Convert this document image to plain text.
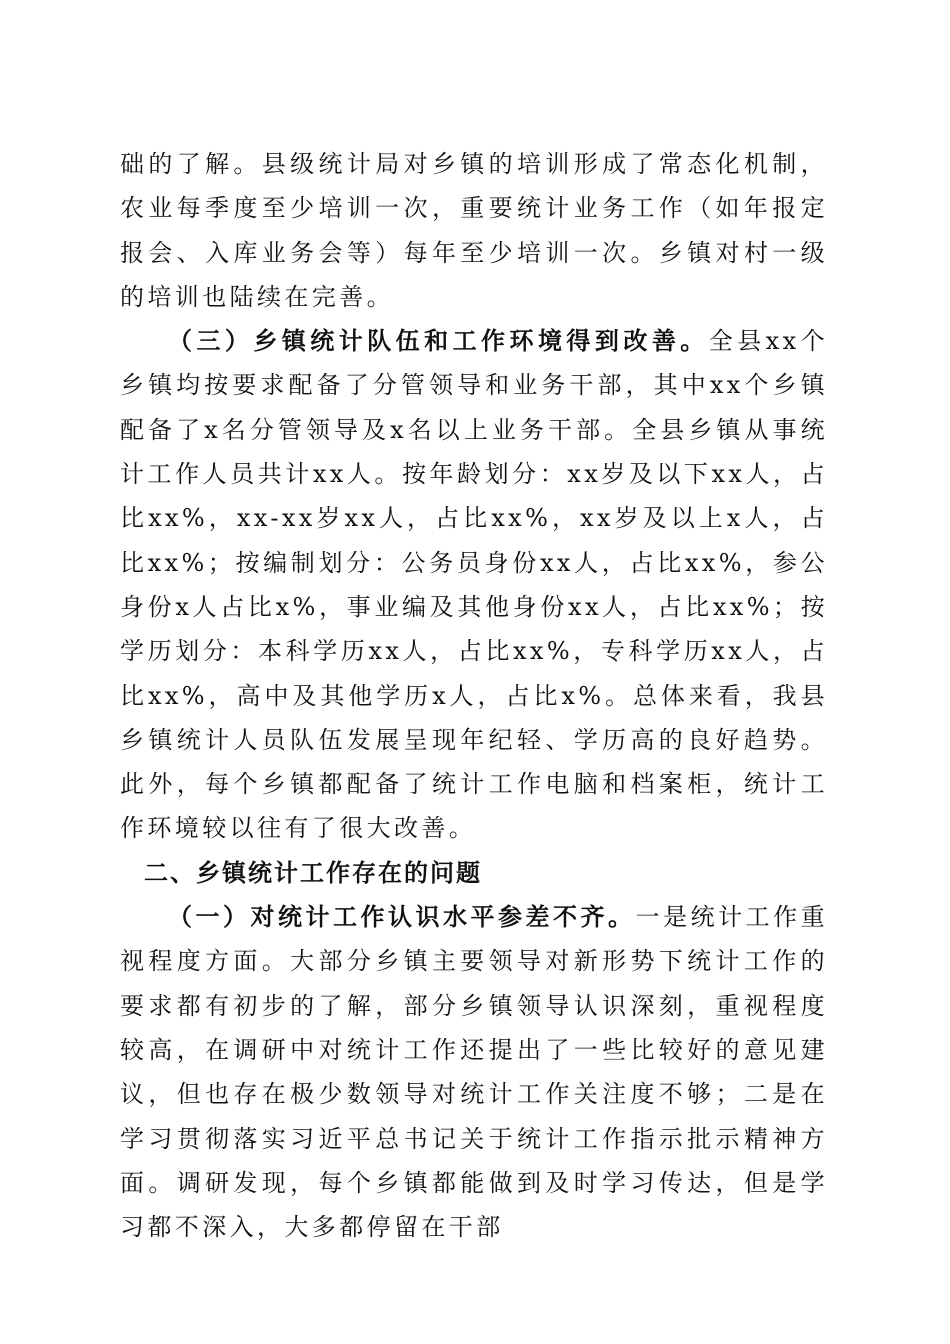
础的了解。县级统计局对乡镇的培训形成了常态化机制，农业每季度至少培训一次，重要统计业务工作（如年报定报会、入库业务会等）每年至少培训一次。乡镇对村一级的培训也陆续在完善。

（三）乡镇统计队伍和工作环境得到改善。全县xx个乡镇均按要求配备了分管领导和业务干部，其中xx个乡镇配备了x名分管领导及x名以上业务干部。全县乡镇从事统计工作人员共计xx人。按年龄划分：xx岁及以下xx人，占比xx%，xx-xx岁xx人，占比xx%，xx岁及以上x人，占比xx%；按编制划分：公务员身份xx人，占比xx%，参公身份x人占比x%，事业编及其他身份xx人，占比xx%；按学历划分：本科学历xx人，占比xx%，专科学历xx人，占比xx%，高中及其他学历x人，占比x%。总体来看，我县乡镇统计人员队伍发展呈现年纪轻、学历高的良好趋势。此外，每个乡镇都配备了统计工作电脑和档案柜，统计工作环境较以往有了很大改善。

二、乡镇统计工作存在的问题

（一）对统计工作认识水平参差不齐。一是统计工作重视程度方面。大部分乡镇主要领导对新形势下统计工作的要求都有初步的了解，部分乡镇领导认识深刻，重视程度较高，在调研中对统计工作还提出了一些比较好的意见建议，但也存在极少数领导对统计工作关注度不够；二是在学习贯彻落实习近平总书记关于统计工作指示批示精神方面。调研发现，每个乡镇都能做到及时学习传达，但是学习都不深入，大多都停留在干部
